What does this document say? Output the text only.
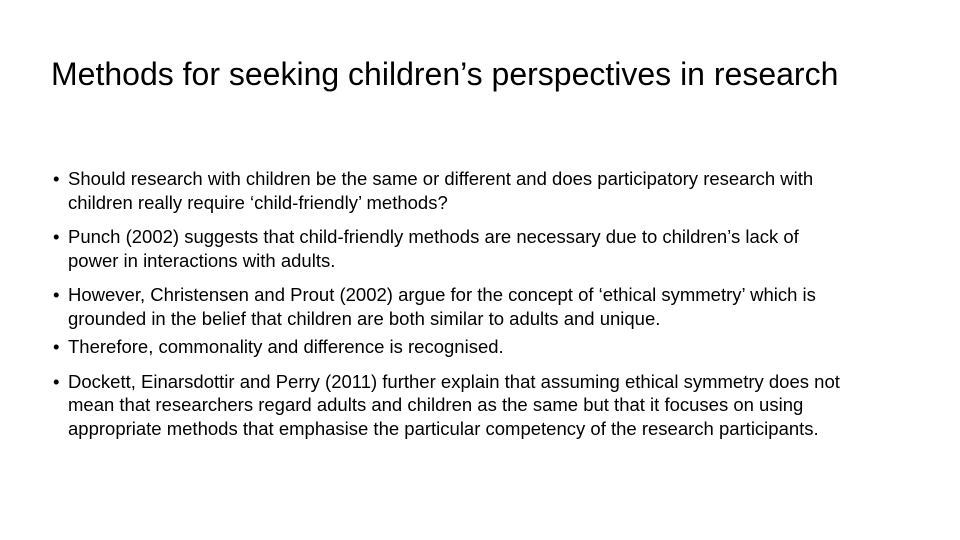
Methods for seeking children’s perspectives in research
• Should research with children be the same or different and does participatory research with children really require ‘child-friendly’ methods?
• Punch (2002) suggests that child-friendly methods are necessary due to children’s lack of power in interactions with adults.
• However, Christensen and Prout (2002) argue for the concept of ‘ethical symmetry’ which is grounded in the belief that children are both similar to adults and unique.
• Therefore, commonality and difference is recognised.
• Dockett, Einarsdottir and Perry (2011) further explain that assuming ethical symmetry does not mean that researchers regard adults and children as the same but that it focuses on using appropriate methods that emphasise the particular competency of the research participants.
